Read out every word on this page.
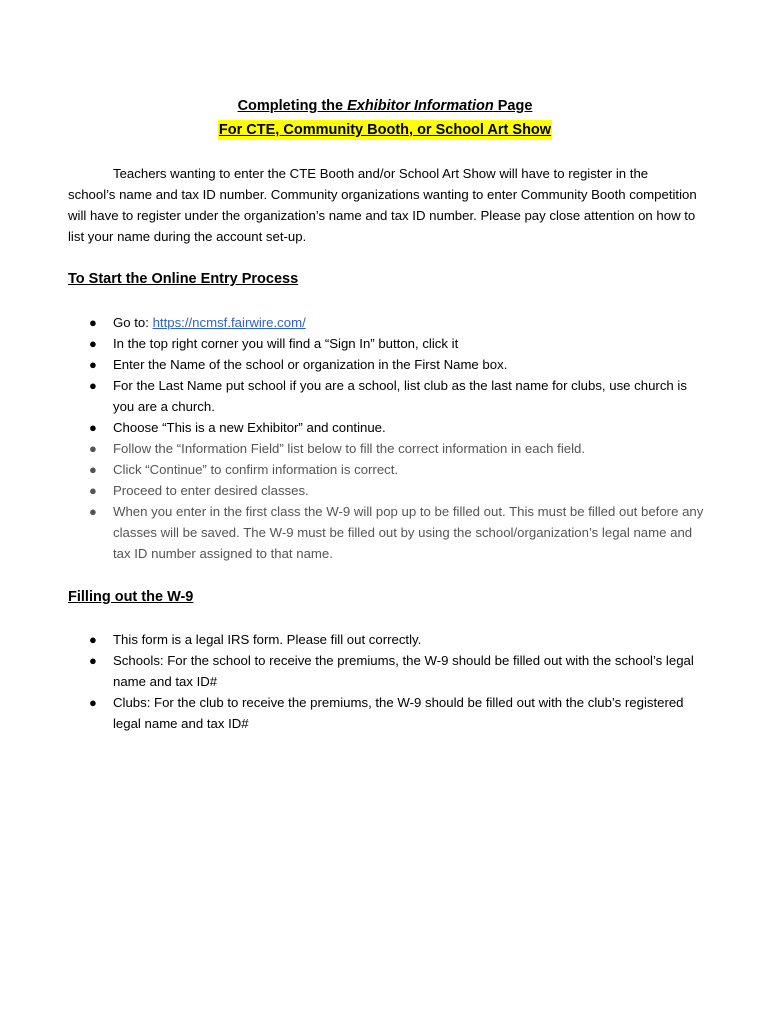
Completing the Exhibitor Information Page
For CTE, Community Booth, or School Art Show

Teachers wanting to enter the CTE Booth and/or School Art Show will have to register in the school’s name and tax ID number. Community organizations wanting to enter Community Booth competition will have to register under the organization’s name and tax ID number. Please pay close attention on how to list your name during the account set-up.

To Start the Online Entry Process
● Go to: https://ncmsf.fairwire.com/
● In the top right corner you will find a “Sign In” button, click it
● Enter the Name of the school or organization in the First Name box.
● For the Last Name put school if you are a school, list club as the last name for clubs, use church is you are a church.
● Choose “This is a new Exhibitor” and continue.
● Follow the “Information Field” list below to fill the correct information in each field.
● Click “Continue” to confirm information is correct.
● Proceed to enter desired classes.
● When you enter in the first class the W-9 will pop up to be filled out. This must be filled out before any classes will be saved. The W-9 must be filled out by using the school/organization’s legal name and tax ID number assigned to that name.
Filling out the W-9
● This form is a legal IRS form. Please fill out correctly.
● Schools: For the school to receive the premiums, the W-9 should be filled out with the school’s legal name and tax ID#
● Clubs: For the club to receive the premiums, the W-9 should be filled out with the club’s registered legal name and tax ID#
